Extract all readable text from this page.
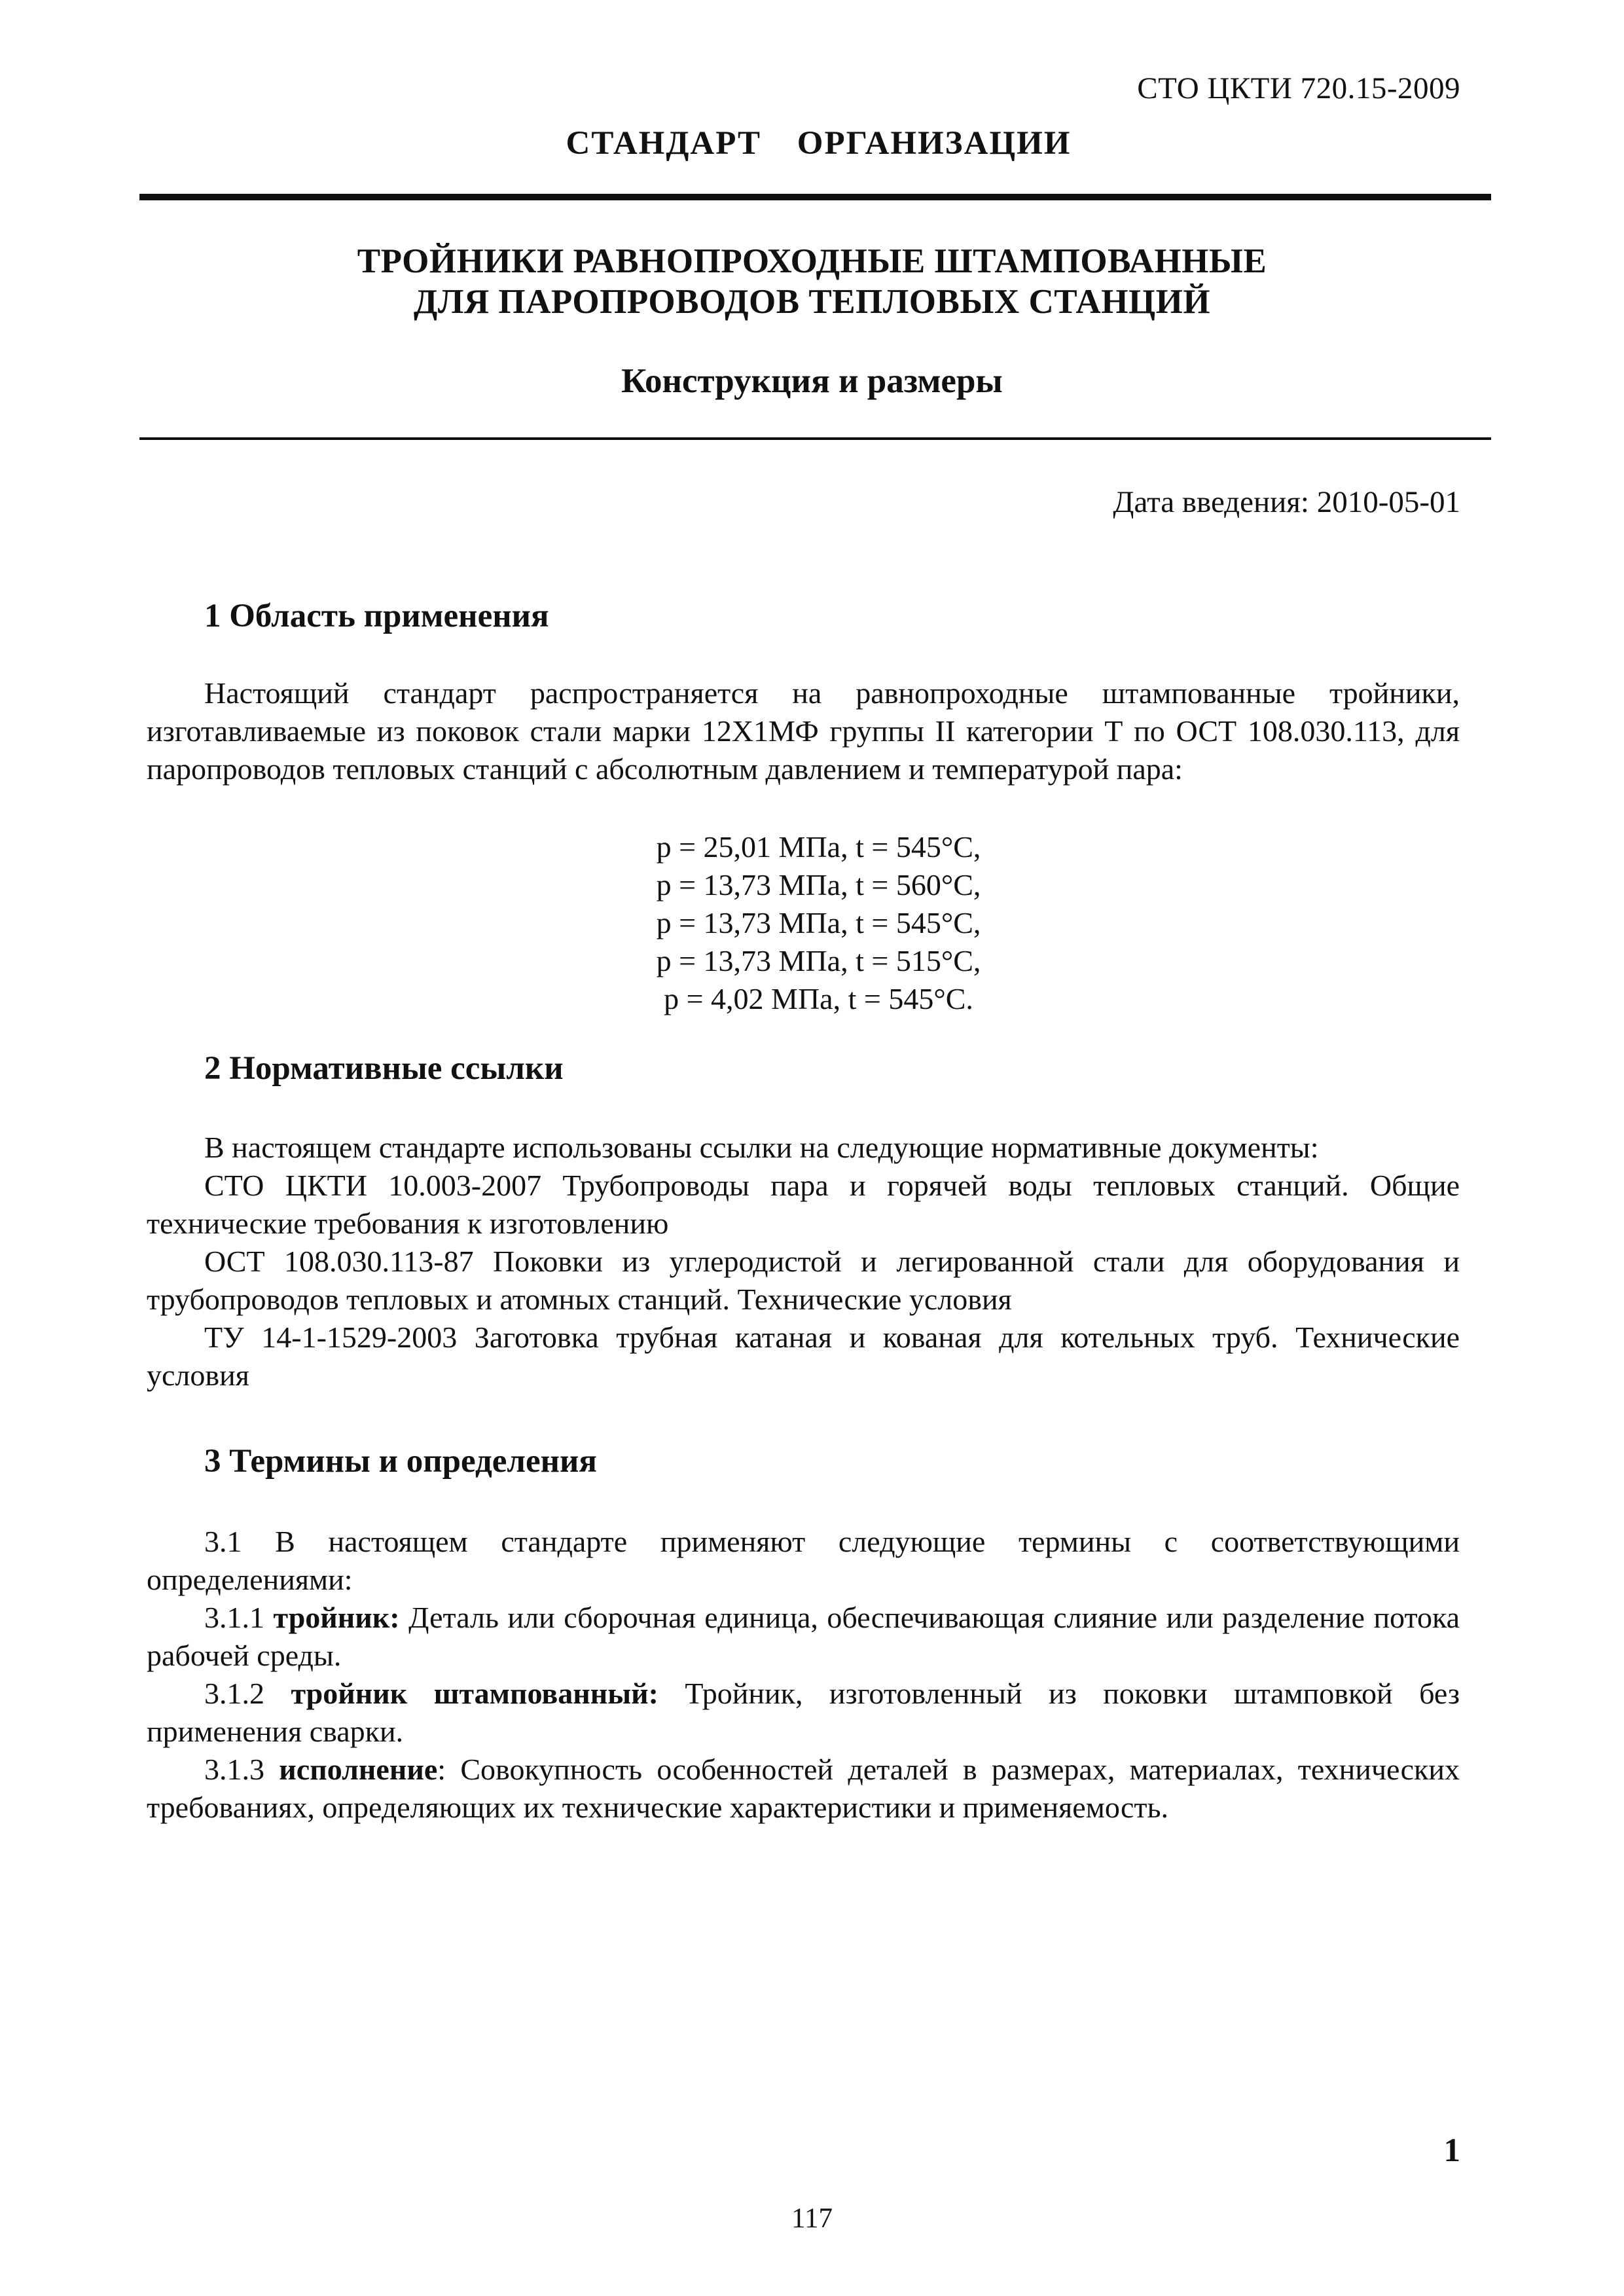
СТО ЦКТИ 720.15-2009
СТАНДАРТ ОРГАНИЗАЦИИ
ТРОЙНИКИ РАВНОПРОХОДНЫЕ ШТАМПОВАННЫЕ
ДЛЯ ПАРОПРОВОДОВ ТЕПЛОВЫХ СТАНЦИЙ
Конструкция и размеры
Дата введения: 2010-05-01
1 Область применения

Настоящий стандарт распространяется на равнопроходные штампованные тройники, изготавливаемые из поковок стали марки 12Х1МФ группы II категории Т по ОСТ 108.030.113, для паропроводов тепловых станций с абсолютным давлением и температурой пара:

р = 25,01 МПа, t = 545°С,
р = 13,73 МПа, t = 560°С,
р = 13,73 МПа, t = 545°С,
р = 13,73 МПа, t = 515°С,
р = 4,02 МПа, t = 545°С.
2 Нормативные ссылки

В настоящем стандарте использованы ссылки на следующие нормативные документы:

СТО ЦКТИ 10.003-2007 Трубопроводы пара и горячей воды тепловых станций. Общие технические требования к изготовлению

ОСТ 108.030.113-87 Поковки из углеродистой и легированной стали для оборудования и трубопроводов тепловых и атомных станций. Технические условия

ТУ 14-1-1529-2003 Заготовка трубная катаная и кованая для котельных труб. Технические условия

3 Термины и определения

3.1 В настоящем стандарте применяют следующие термины с соответствующими определениями:

3.1.1 тройник: Деталь или сборочная единица, обеспечивающая слияние или разделение потока рабочей среды.

3.1.2 тройник штампованный: Тройник, изготовленный из поковки штамповкой без применения сварки.

3.1.3 исполнение: Совокупность особенностей деталей в размерах, материалах, технических требованиях, определяющих их технические характеристики и применяемость.

1
117
